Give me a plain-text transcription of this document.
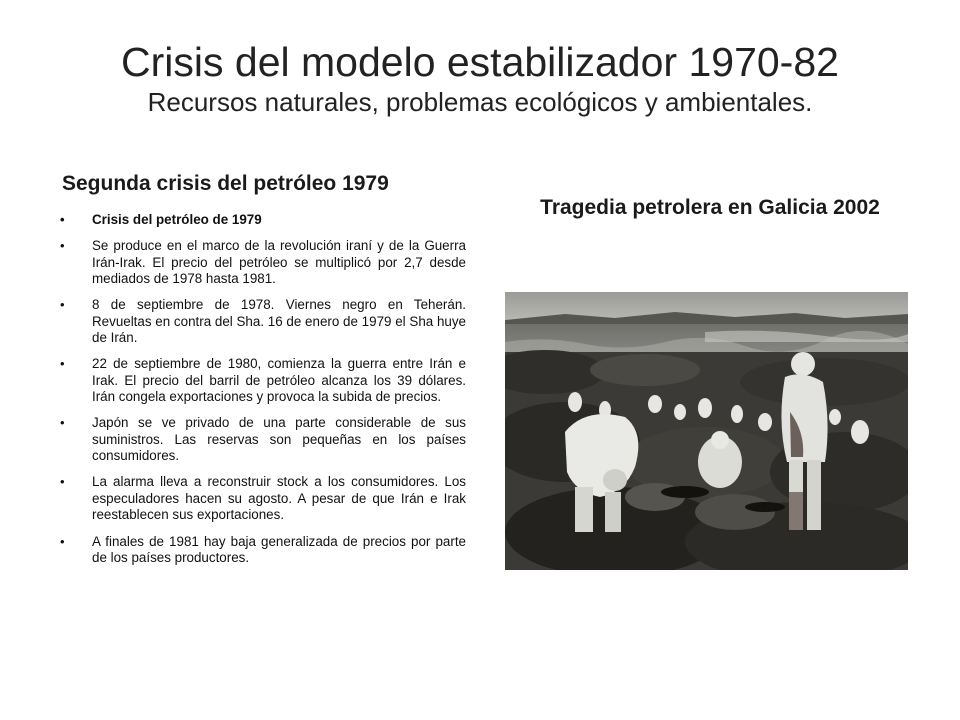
Crisis del modelo estabilizador 1970-82
Recursos naturales, problemas ecológicos y ambientales.
Segunda crisis del petróleo 1979
Tragedia petrolera en Galicia 2002
• Crisis del petróleo de 1979
• Se produce en el marco de la revolución iraní y de la Guerra Irán-Irak. El precio del petróleo se multiplicó por 2,7 desde mediados de 1978 hasta 1981.
• 8 de septiembre de 1978. Viernes negro en Teherán. Revueltas en contra del Sha. 16 de enero de 1979 el Sha huye de Irán.
• 22 de septiembre de 1980, comienza la guerra entre Irán e Irak. El precio del barril de petróleo alcanza los 39 dólares. Irán congela exportaciones y provoca la subida de precios.
• Japón se ve privado de una parte considerable de sus suministros. Las reservas son pequeñas en los países consumidores.
• La alarma lleva a reconstruir stock a los consumidores. Los especuladores hacen su agosto. A pesar de que Irán e Irak reestablecen sus exportaciones.
• A finales de 1981 hay baja generalizada de precios por parte de los países productores.
